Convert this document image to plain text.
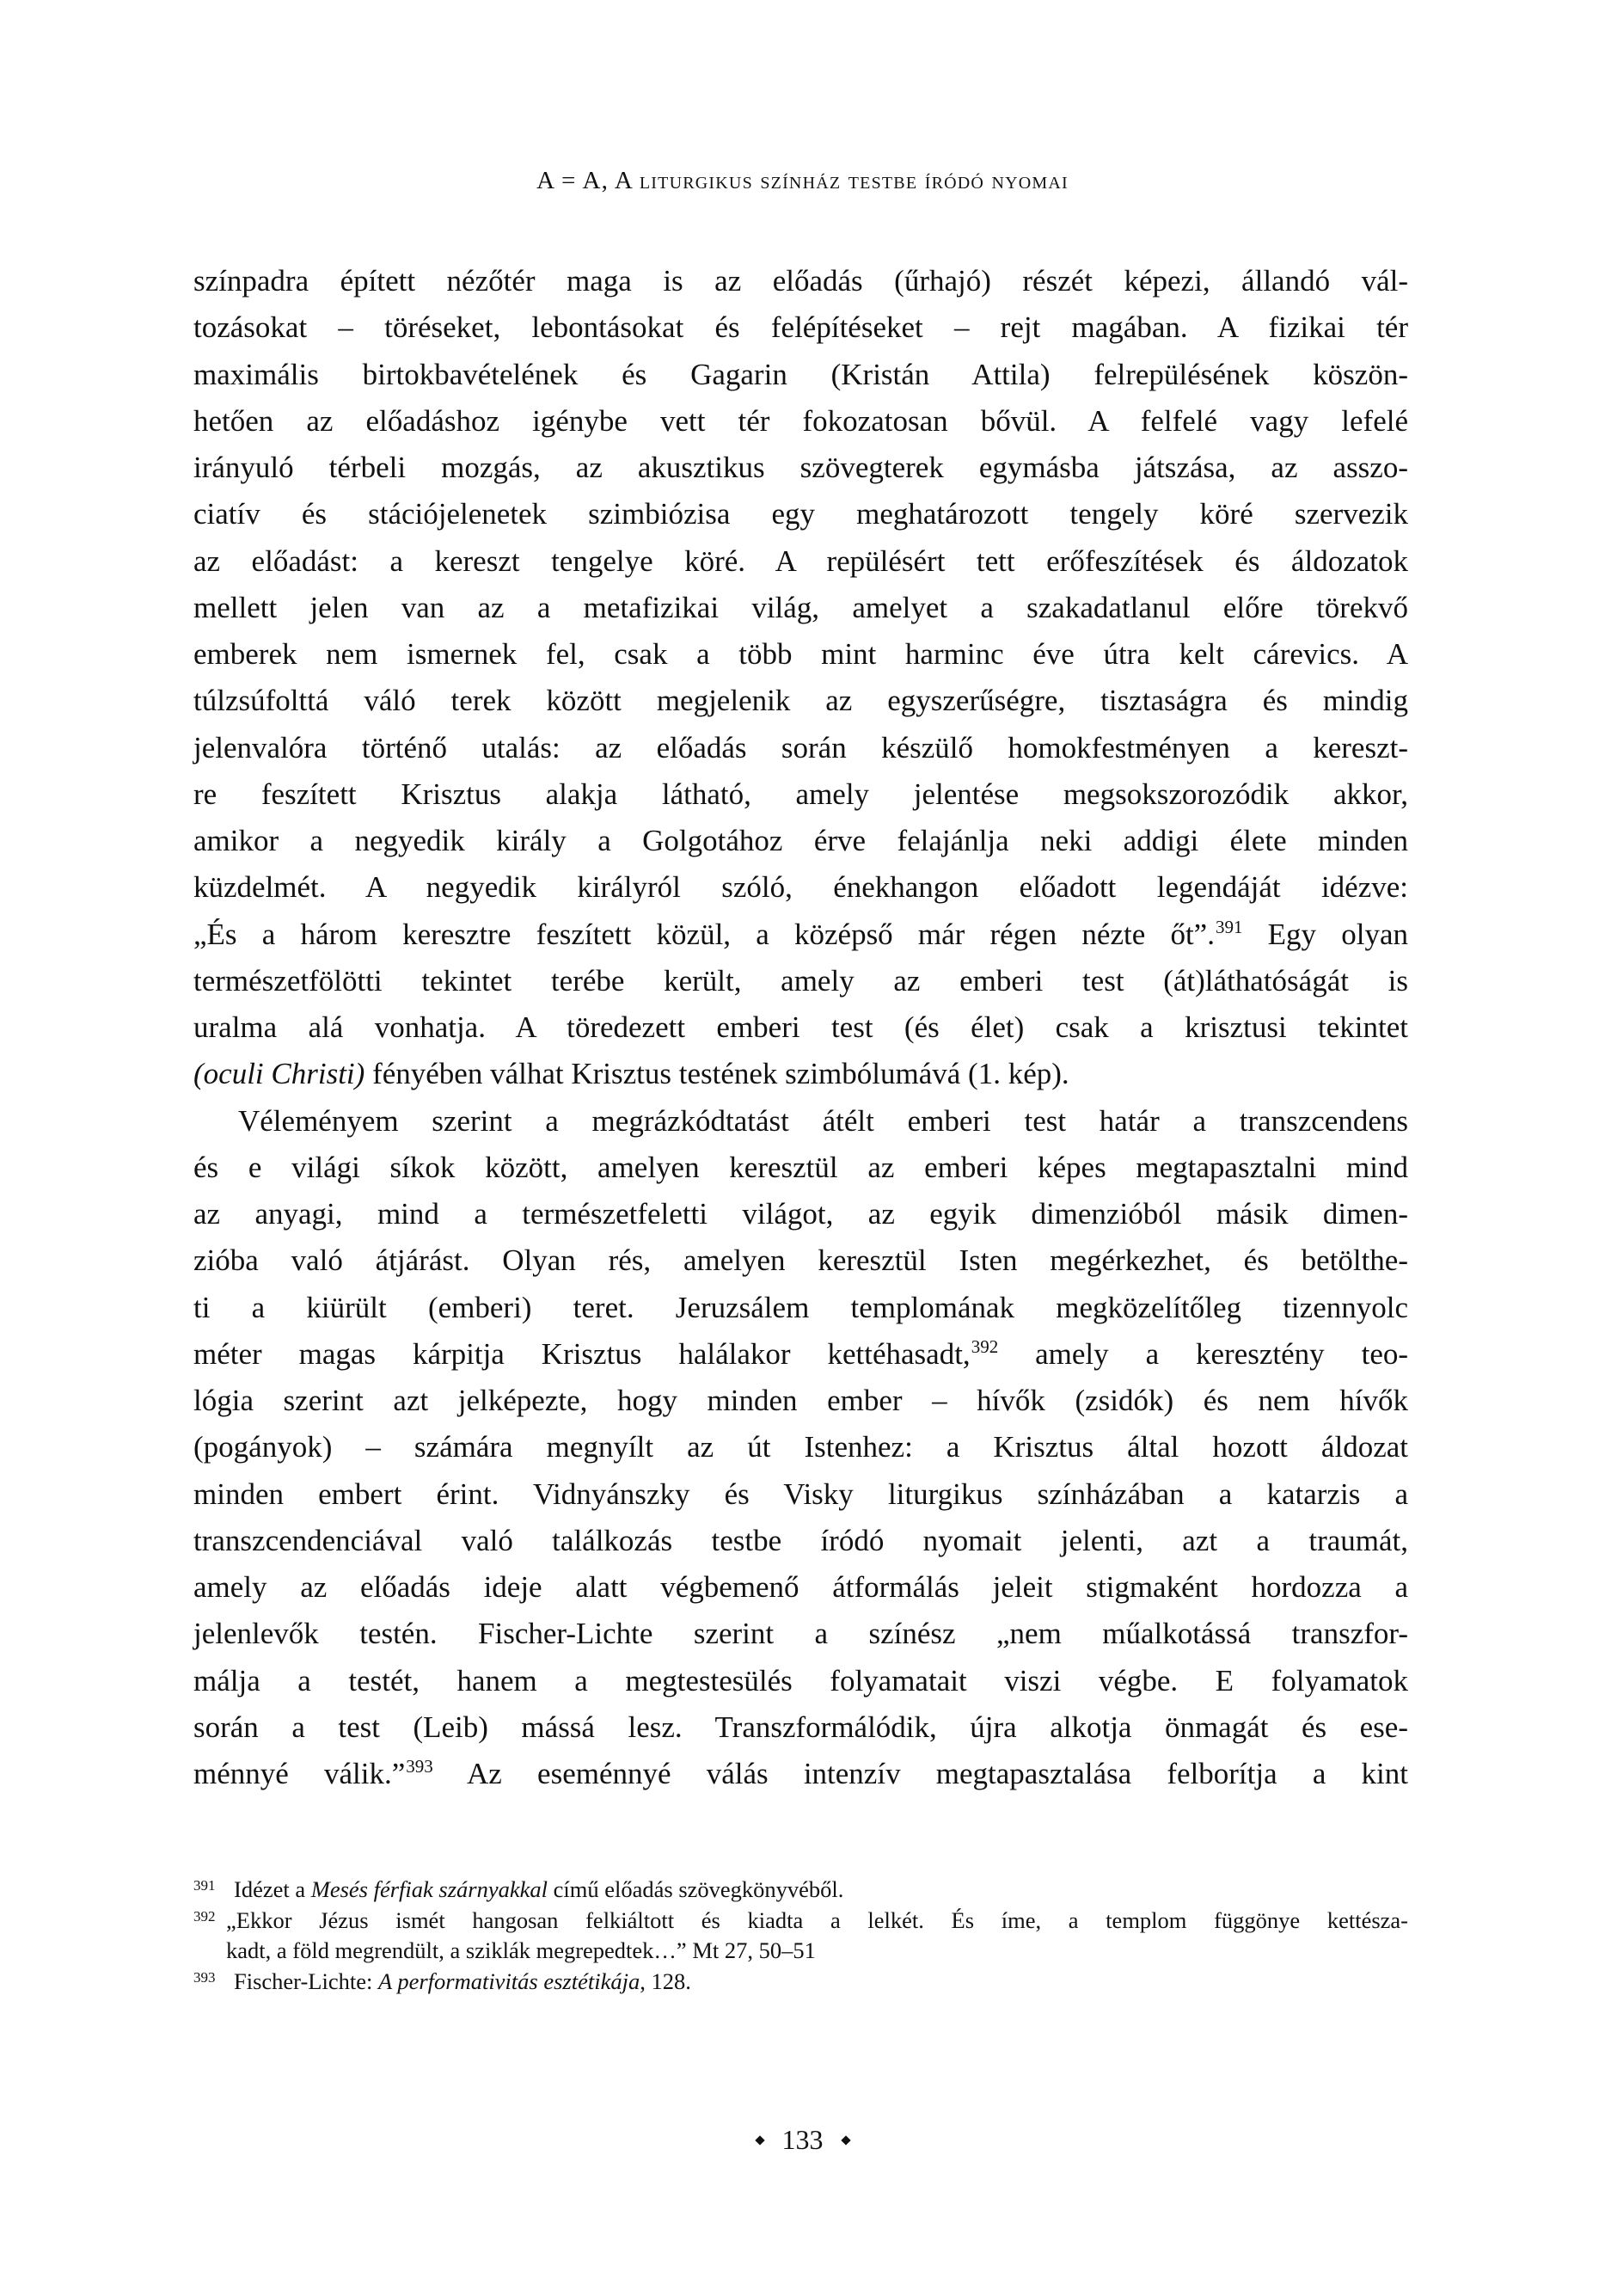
A = A, A liturgikus színház testbe íródó nyomai
színpadra épített nézőtér maga is az előadás (űrhajó) részét képezi, állandó vál-
tozásokat – töréseket, lebontásokat és felépítéseket – rejt magában. A fizikai tér
maximális birtokbavételének és Gagarin (Kristán Attila) felrepülésének köszön-
hetően az előadáshoz igénybe vett tér fokozatosan bővül. A felfelé vagy lefelé
irányuló térbeli mozgás, az akusztikus szövegterek egymásba játszása, az asszo-
ciatív és stációjelenetek szimbiózisa egy meghatározott tengely köré szervezik
az előadást: a kereszt tengelye köré. A repülésért tett erőfeszítések és áldozatok
mellett jelen van az a metafizikai világ, amelyet a szakadatlanul előre törekvő
emberek nem ismernek fel, csak a több mint harminc éve útra kelt cárevics. A
túlzsúfolttá váló terek között megjelenik az egyszerűségre, tisztaságra és mindig
jelenvalóra történő utalás: az előadás során készülő homokfestményen a kereszt-
re feszített Krisztus alakja látható, amely jelentése megsokszorozódik akkor,
amikor a negyedik király a Golgotához érve felajánlja neki addigi élete minden
küzdelmét. A negyedik királyról szóló, énekhangon előadott legendáját idézve:
„És a három keresztre feszített közül, a középső már régen nézte őt”.$^{391}$ Egy olyan
természetfölötti tekintet terébe került, amely az emberi test (át)láthatóságát is
uralma alá vonhatja. A töredezett emberi test (és élet) csak a krisztusi tekintet
(oculi Christi) fényében válhat Krisztus testének szimbólumává (1. kép).
Véleményem szerint a megrázkódtatást átélt emberi test határ a transzcendens
és e világi síkok között, amelyen keresztül az emberi képes megtapasztalni mind
az anyagi, mind a természetfeletti világot, az egyik dimenzióból másik dimen-
zióba való átjárást. Olyan rés, amelyen keresztül Isten megérkezhet, és betölthe-
ti a kiürült (emberi) teret. Jeruzsálem templomának megközelítőleg tizennyolc
méter magas kárpitja Krisztus halálakor kettéhasadt,$^{392}$ amely a keresztény teo-
lógia szerint azt jelképezte, hogy minden ember – hívők (zsidók) és nem hívők
(pogányok) – számára megnyílt az út Istenhez: a Krisztus által hozott áldozat
minden embert érint. Vidnyánszky és Visky liturgikus színházában a katarzis a
transzcendenciával való találkozás testbe íródó nyomait jelenti, azt a traumát,
amely az előadás ideje alatt végbemenő átformálás jeleit stigmaként hordozza a
jelenlevők testén. Fischer-Lichte szerint a színész „nem műalkotássá transzfor-
málja a testét, hanem a megtestesülés folyamatait viszi végbe. E folyamatok
során a test (Leib) mássá lesz. Transzformálódik, újra alkotja önmagát és ese-
ménnyé válik.”$^{393}$ Az eseménnyé válás intenzív megtapasztalása felborítja a kint
391 Idézet a Mesés férfiak szárnyakkal című előadás szövegkönyvéből.
392 „Ekkor Jézus ismét hangosan felkiáltott és kiadta a lelkét. És íme, a templom függönye kettésza-
kadt, a föld megrendült, a sziklák megrepedtek…” Mt 27, 50–51
393 Fischer-Lichte: A performativitás esztétikája, 128.
133
